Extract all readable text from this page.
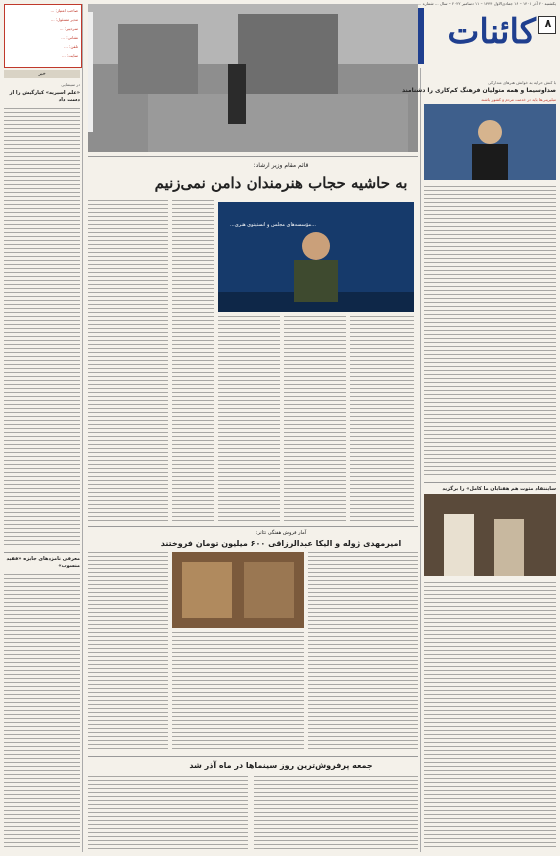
یکشنبه ۲۰ آذر ۱۴۰۱ – ۱۶ جمادی‌الاول ۱۴۴۴ – ۱۱ دسامبر ۲۰۲۲ – سال ... شماره ...
۸
کائنات
صاحب امتیاز: ...
مدیر مسئول: ...
سردبیر: ...
نشانی: ...
تلفن: ...
سایت: ...
خبر
در سینمایی
«علم اسیریه» کیارگیش را از دست داد
معرفی نامزدهای جایزه «فقید منسوب»
با کنش حرایه به خوانش هنرهای متدارکی
صداوسیما و همه متولیان فرهنگ کم‌کاری را دشنامند
مبلیرینی‌ها باید در خدمت مردم و کشور باشند
ساینتفاد مثوت هم هفتایان ما کامل» را برگزید
قائم مقام وزیر ارشاد:
به حاشیه حجاب هنرمندان دامن نمی‌زنیم
...مؤسسه‌های مجلس و انستیتوی هنری...
آمار فروش هفتگی تئاتر:
امیرمهدی ژوله و الیکا عبدالرزاقی ۶۰۰ میلیون تومان فروختند
جمعه پرفروش‌ترین روز سینماها در ماه آذر شد
